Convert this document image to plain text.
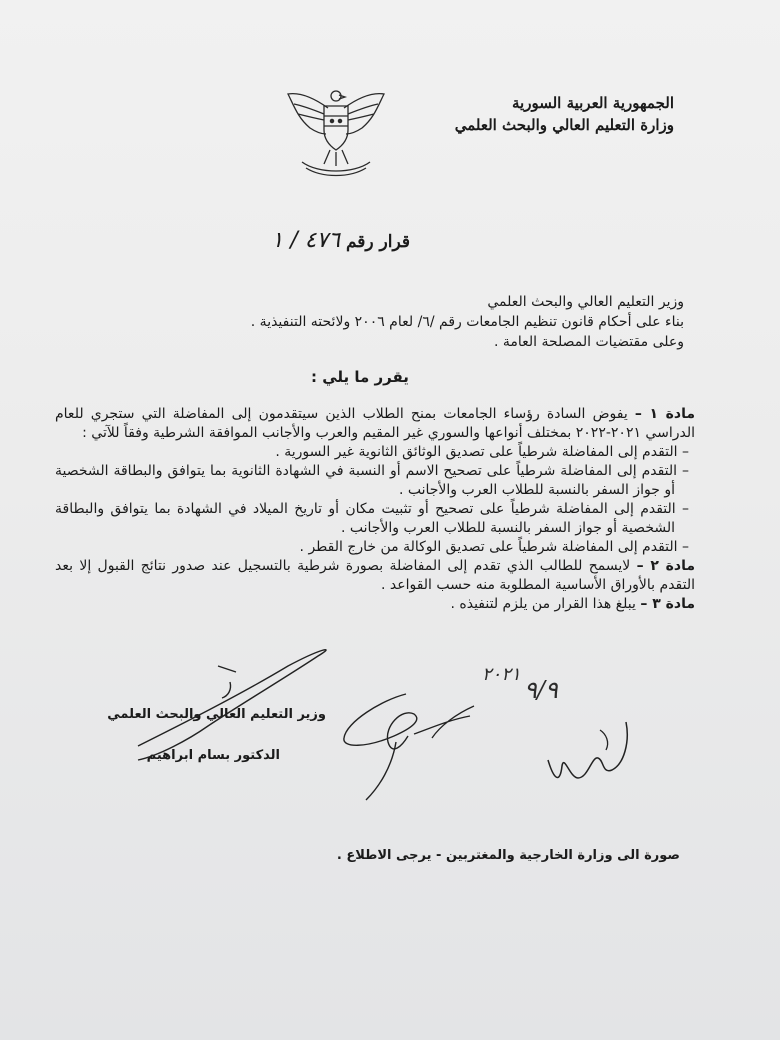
الجمهورية العربية السورية
وزارة التعليم العالي والبحث العلمي
قرار رقم ٤٧٦ / ١
وزير التعليم العالي والبحث العلمي
بناء على أحكام قانون تنظيم الجامعات رقم /٦/ لعام ٢٠٠٦ ولائحته التنفيذية .
وعلى مقتضيات المصلحة العامة .
يقرر ما يلي :

مادة ١ – يفوض السادة رؤساء الجامعات بمنح الطلاب الذين سيتقدمون إلى المفاضلة التي ستجري للعام الدراسي ٢٠٢١-٢٠٢٢ بمختلف أنواعها والسوري غير المقيم والعرب والأجانب الموافقة الشرطية وفقاً للآتي :

– التقدم إلى المفاضلة شرطياً على تصديق الوثائق الثانوية غير السورية .

– التقدم إلى المفاضلة شرطياً على تصحيح الاسم أو النسبة في الشهادة الثانوية بما يتوافق والبطاقة الشخصية أو جواز السفر بالنسبة للطلاب العرب والأجانب .

– التقدم إلى المفاضلة شرطياً على تصحيح أو تثبيت مكان أو تاريخ الميلاد في الشهادة بما يتوافق والبطاقة الشخصية أو جواز السفر بالنسبة للطلاب العرب والأجانب .

– التقدم إلى المفاضلة شرطياً على تصديق الوكالة من خارج القطر .

مادة ٢ – لايسمح للطالب الذي تقدم إلى المفاضلة بصورة شرطية بالتسجيل عند صدور نتائج القبول إلا بعد التقدم بالأوراق الأساسية المطلوبة منه حسب القواعد .

مادة ٣ – يبلغ هذا القرار من يلزم لتنفيذه .

٢٠٢١
٩/٩
وزير التعليم العالي والبحث العلمي
الدكتور بسام ابراهيم
صورة الى وزارة الخارجية والمغتربين - يرجى الاطلاع .
